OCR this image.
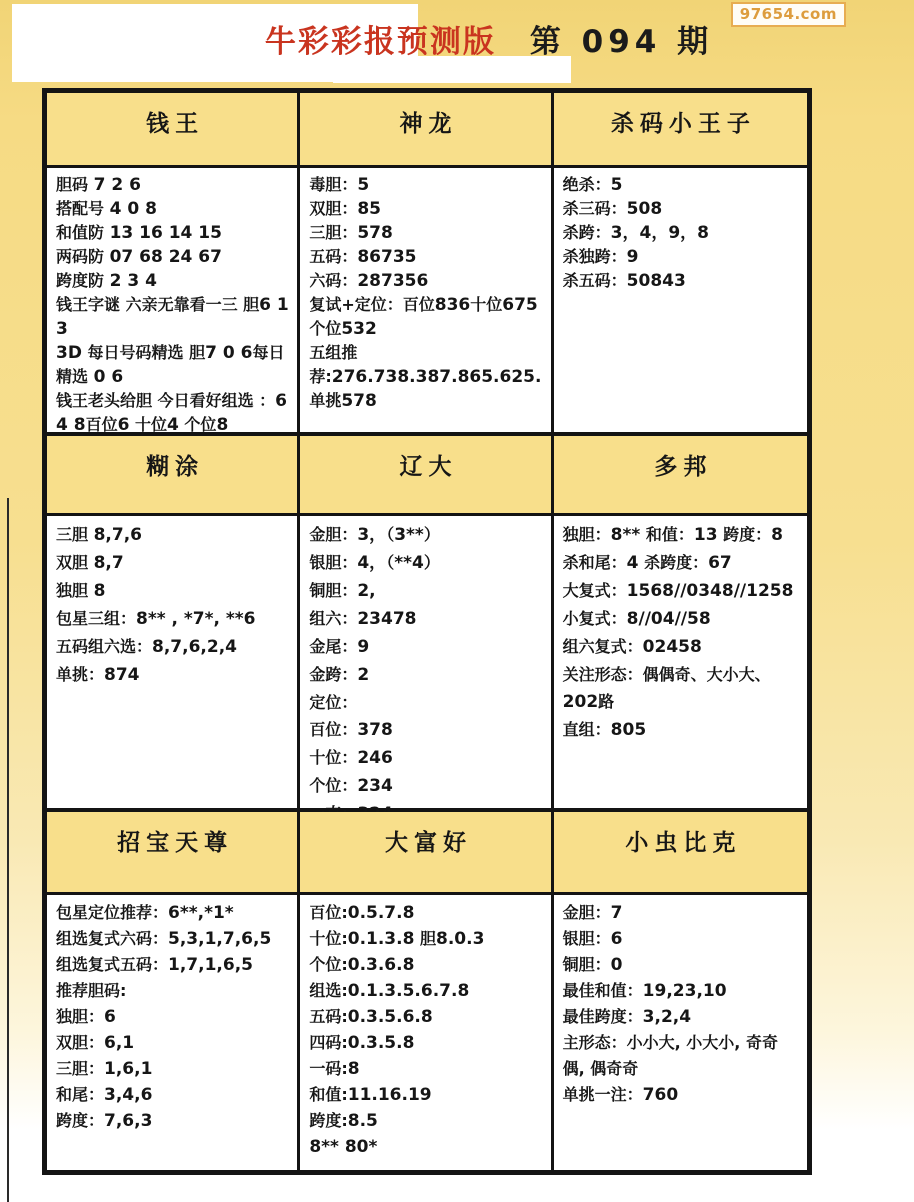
牛彩彩报预测版 第 094 期
97654.com
钱王	神龙	杀码小王子
胆码 7 2 6
搭配号 4 0 8
和值防 13 16 14 15
两码防 07 68 24 67
跨度防 2 3 4
钱王字谜 六亲无靠看一三 胆6 1 3
3D 每日号码精选 胆7 0 6每日精选 0 6
钱王老头给胆 今日看好组选 ：6 4 8百位6 十位4 个位8
毒胆：5
双胆：85
三胆：578
五码：86735
六码：287356
复试+定位：百位836十位675个位532
五组推荐:276.738.387.865.625.
单挑578
绝杀：5
杀三码：508
杀跨：3，4，9，8
杀独跨：9
杀五码：50843
糊涂	辽大	多邦
三胆 8,7,6
双胆 8,7
独胆 8
包星三组：8** , *7*, **6
五码组六选：8,7,6,2,4
单挑：874
金胆：3，（3**）
银胆：4，（**4）
铜胆：2,
组六：23478
金尾：9
金跨：2
定位：
百位：378
十位：246
个位：234
独胆：8** 和值：13 跨度：8 杀和尾：4 杀跨度：67
大复式：1568//0348//1258
小复式：8//04//58
组六复式：02458
关注形态：偶偶奇、大小大、202路
直组：805
招宝天尊	大富好	小虫比克
包星定位推荐：6**,*1*
组选复式六码：5,3,1,7,6,5
组选复式五码：1,7,1,6,5
推荐胆码:
独胆：6
双胆：6,1
三胆：1,6,1
和尾：3,4,6
跨度：7,6,3
百位:0.5.7.8
十位:0.1.3.8 胆8.0.3
个位:0.3.6.8
组选:0.1.3.5.6.7.8
五码:0.3.5.6.8
四码:0.3.5.8
一码:8
和值:11.16.19
跨度:8.5
8** 80*
金胆：7
银胆：6
铜胆：0
最佳和值：19,23,10
最佳跨度：3,2,4
主形态：小小大, 小大小, 奇奇偶, 偶奇奇
单挑一注：760
